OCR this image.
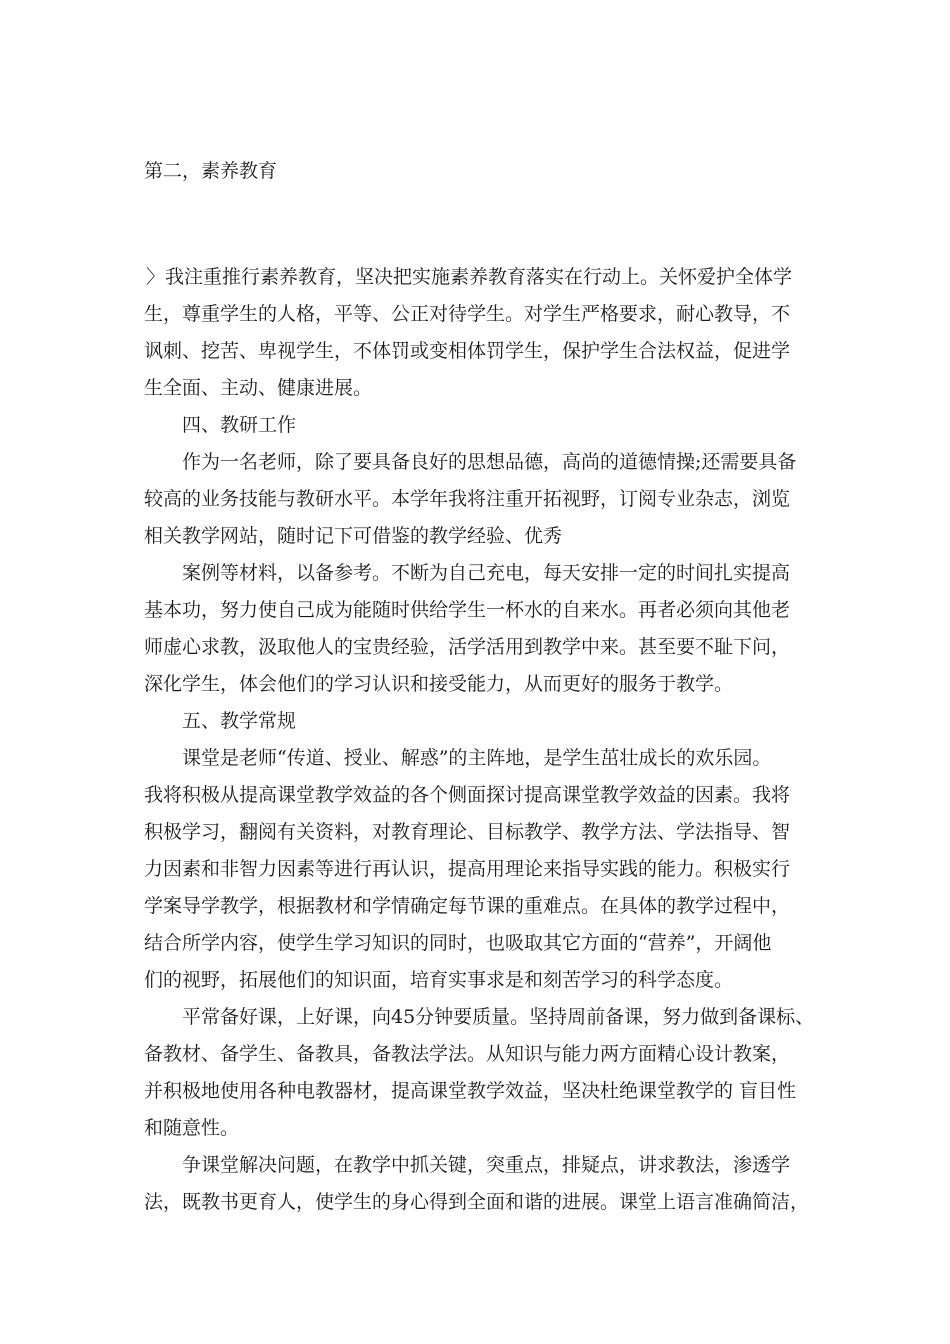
第二，素养教育
〉我注重推行素养教育，坚决把实施素养教育落实在行动上。关怀爱护全体学
生，尊重学生的人格，平等、公正对待学生。对学生严格要求，耐心教导，不
讽刺、挖苦、卑视学生，不体罚或变相体罚学生，保护学生合法权益，促进学
生全面、主动、健康进展。
四、教研工作
作为一名老师，除了要具备良好的思想品德，高尚的道德情操;还需要具备
较高的业务技能与教研水平。本学年我将注重开拓视野，订阅专业杂志，浏览
相关教学网站，随时记下可借鉴的教学经验、优秀
案例等材料，以备参考。不断为自己充电，每天安排一定的时间扎实提高
基本功，努力使自己成为能随时供给学生一杯水的自来水。再者必须向其他老
师虚心求教，汲取他人的宝贵经验，活学活用到教学中来。甚至要不耻下问，
深化学生，体会他们的学习认识和接受能力，从而更好的服务于教学。
五、教学常规
课堂是老师“传道、授业、解惑”的主阵地，是学生茁壮成长的欢乐园。
我将积极从提高课堂教学效益的各个侧面探讨提高课堂教学效益的因素。我将
积极学习，翻阅有关资料，对教育理论、目标教学、教学方法、学法指导、智
力因素和非智力因素等进行再认识，提高用理论来指导实践的能力。积极实行
学案导学教学，根据教材和学情确定每节课的重难点。在具体的教学过程中，
结合所学内容，使学生学习知识的同时，也吸取其它方面的“营养”，开阔他
们的视野，拓展他们的知识面，培育实事求是和刻苦学习的科学态度。
平常备好课，上好课，向45分钟要质量。坚持周前备课，努力做到备课标、
备教材、备学生、备教具，备教法学法。从知识与能力两方面精心设计教案，
并积极地使用各种电教器材，提高课堂教学效益，坚决杜绝课堂教学的 盲目性
和随意性。
争课堂解决问题，在教学中抓关键，突重点，排疑点，讲求教法，渗透学
法，既教书更育人，使学生的身心得到全面和谐的进展。课堂上语言准确简洁，
